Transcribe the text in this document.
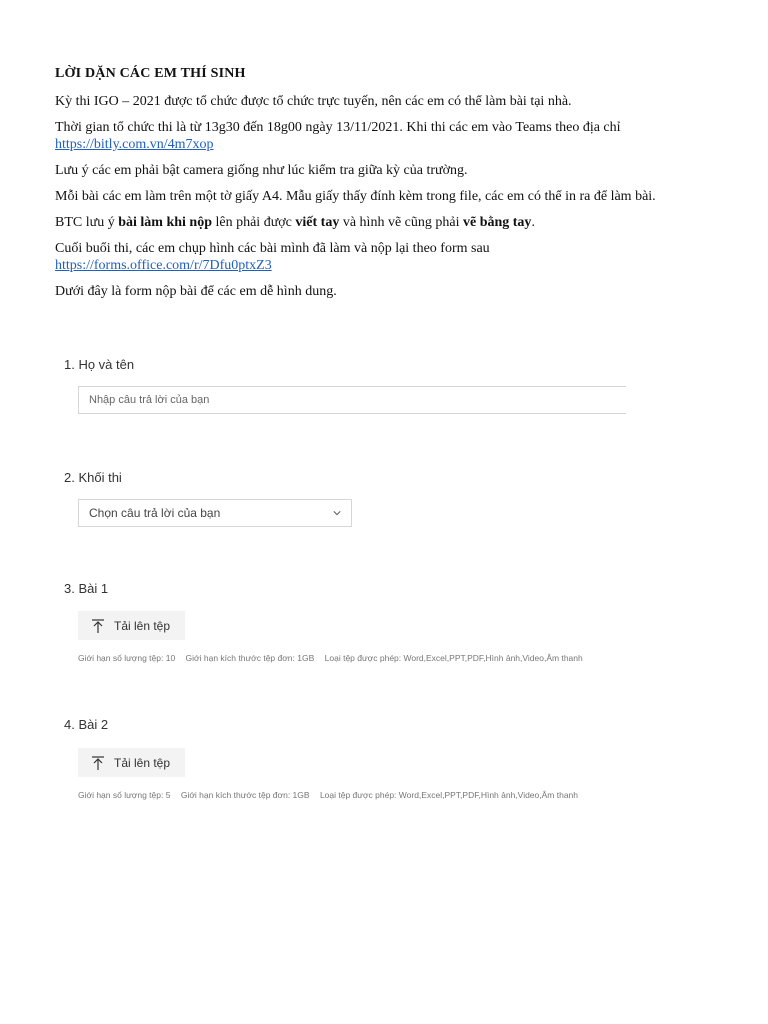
LỜI DẶN CÁC EM THÍ SINH

Kỳ thi IGO – 2021 được tổ chức được tổ chức trực tuyến, nên các em có thể làm bài tại nhà.

Thời gian tổ chức thi là từ 13g30 đến 18g00 ngày 13/11/2021. Khi thi các em vào Teams theo địa chỉ
https://bitly.com.vn/4m7xop

Lưu ý các em phải bật camera giống như lúc kiểm tra giữa kỳ của trường.

Mỗi bài các em làm trên một tờ giấy A4. Mẫu giấy thấy đính kèm trong file, các em có thể in ra để làm bài.

BTC lưu ý bài làm khi nộp lên phải được viết tay và hình vẽ cũng phải vẽ bằng tay.

Cuối buổi thi, các em chụp hình các bài mình đã làm và nộp lại theo form sau
https://forms.office.com/r/7Dfu0ptxZ3

Dưới đây là form nộp bài để các em dễ hình dung.

1. Họ và tên
Nhập câu trả lời của bạn
2. Khối thi
Chọn câu trả lời của bạn
3. Bài 1
Tải lên tệp
Giới hạn số lượng tệp: 10 Giới hạn kích thước tệp đơn: 1GB Loại tệp được phép: Word,Excel,PPT,PDF,Hình ảnh,Video,Âm thanh
4. Bài 2
Tải lên tệp
Giới hạn số lượng tệp: 5 Giới hạn kích thước tệp đơn: 1GB Loại tệp được phép: Word,Excel,PPT,PDF,Hình ảnh,Video,Âm thanh
